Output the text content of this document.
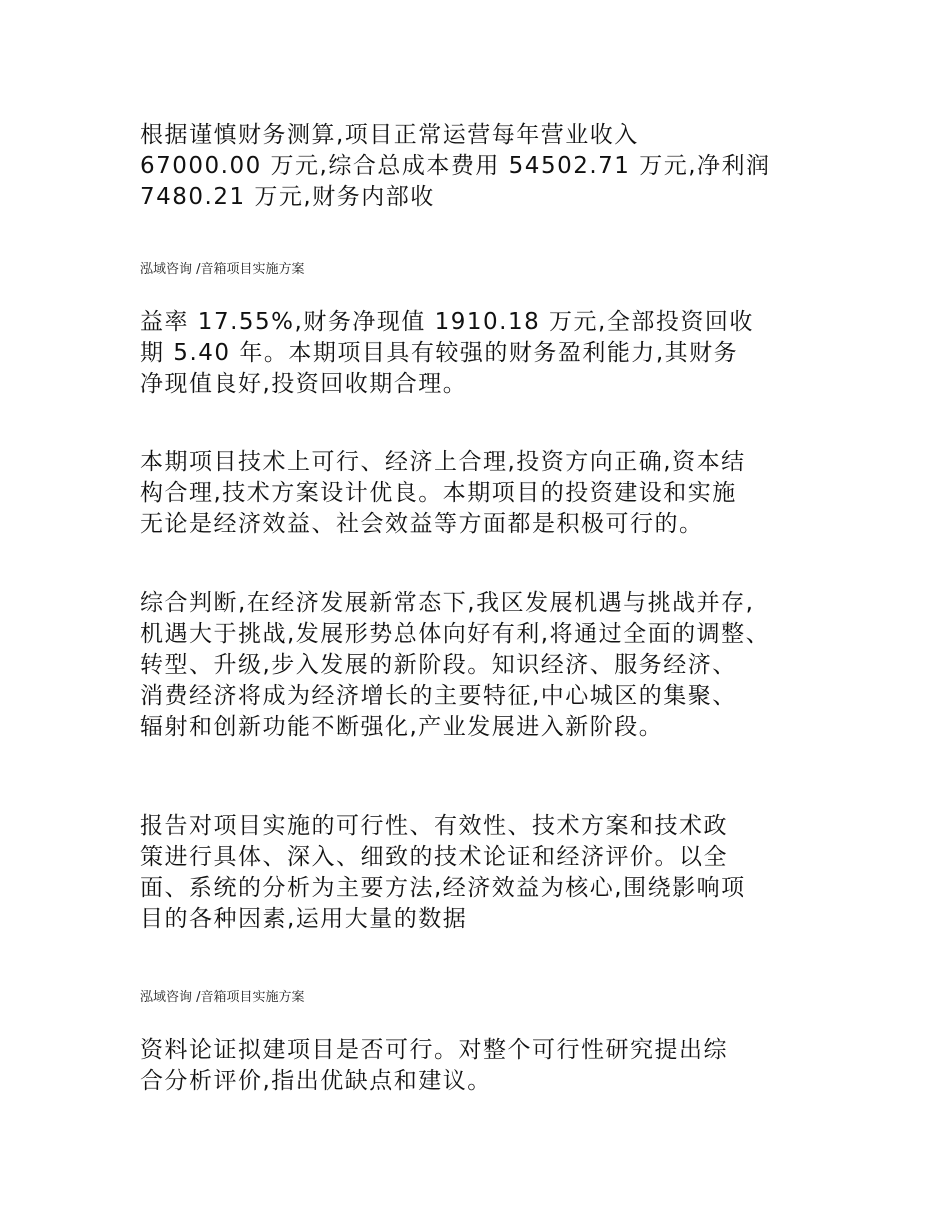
根据谨慎财务测算,项目正常运营每年营业收入
67000.00 万元,综合总成本费用 54502.71 万元,净利润
7480.21 万元,财务内部收

泓域咨询 /音箱项目实施方案

益率 17.55%,财务净现值 1910.18 万元,全部投资回收
期 5.40 年。本期项目具有较强的财务盈利能力,其财务
净现值良好,投资回收期合理。

本期项目技术上可行、经济上合理,投资方向正确,资本结
构合理,技术方案设计优良。本期项目的投资建设和实施
无论是经济效益、社会效益等方面都是积极可行的。

综合判断,在经济发展新常态下,我区发展机遇与挑战并存,
机遇大于挑战,发展形势总体向好有利,将通过全面的调整、
转型、升级,步入发展的新阶段。知识经济、服务经济、
消费经济将成为经济增长的主要特征,中心城区的集聚、
辐射和创新功能不断强化,产业发展进入新阶段。

报告对项目实施的可行性、有效性、技术方案和技术政
策进行具体、深入、细致的技术论证和经济评价。以全
面、系统的分析为主要方法,经济效益为核心,围绕影响项
目的各种因素,运用大量的数据

泓域咨询 /音箱项目实施方案

资料论证拟建项目是否可行。对整个可行性研究提出综
合分析评价,指出优缺点和建议。
